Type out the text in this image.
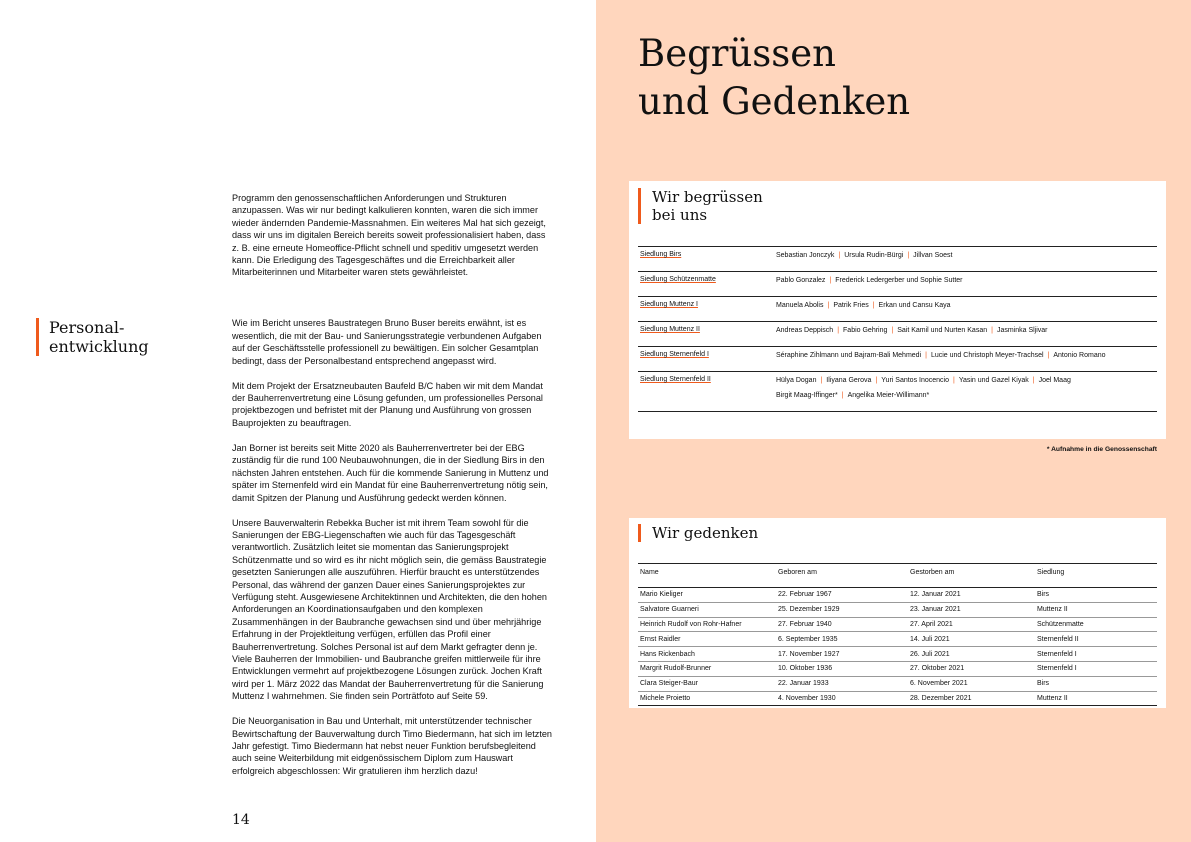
Personal-
entwicklung

Programm den genossenschaftlichen Anforderungen und Strukturen anzupassen. Was wir nur bedingt kalkulieren konnten, waren die sich immer wieder ändernden Pandemie-Massnahmen. Ein weiteres Mal hat sich gezeigt, dass wir uns im digitalen Bereich bereits soweit professionalisiert haben, dass z. B. eine erneute Homeoffice-Pflicht schnell und speditiv umgesetzt werden kann. Die Erledigung des Tagesgeschäftes und die Erreichbarkeit aller Mitarbeiterinnen und Mitarbeiter waren stets gewährleistet.

Wie im Bericht unseres Baustrategen Bruno Buser bereits erwähnt, ist es wesentlich, die mit der Bau- und Sanierungsstrategie verbundenen Aufgaben auf der Geschäftsstelle professionell zu bewältigen. Ein solcher Gesamtplan bedingt, dass der Personalbestand entsprechend angepasst wird.

Mit dem Projekt der Ersatzneubauten Baufeld B/C haben wir mit dem Mandat der Bauherrenvertretung eine Lösung gefunden, um professionelles Personal projektbezogen und befristet mit der Planung und Ausführung von grossen Bauprojekten zu beauftragen.

Jan Borner ist bereits seit Mitte 2020 als Bauherrenvertreter bei der EBG zuständig für die rund 100 Neubauwohnungen, die in der Siedlung Birs in den nächsten Jahren entstehen. Auch für die kommende Sanierung in Muttenz und später im Sternenfeld wird ein Mandat für eine Bauherrenvertretung nötig sein, damit Spitzen der Planung und Ausführung gedeckt werden können.

Unsere Bauverwalterin Rebekka Bucher ist mit ihrem Team sowohl für die Sanierungen der EBG-Liegenschaften wie auch für das Tagesgeschäft verantwortlich. Zusätzlich leitet sie momentan das Sanierungsprojekt Schützenmatte und so wird es ihr nicht möglich sein, die gemäss Baustrategie gesetzten Sanierungen alle auszuführen. Hierfür braucht es unterstützendes Personal, das während der ganzen Dauer eines Sanierungsprojektes zur Verfügung steht. Ausgewiesene Architektinnen und Architekten, die den hohen Anforderungen an Koordinationsaufgaben und den komplexen Zusammenhängen in der Baubranche gewachsen sind und über mehrjährige Erfahrung in der Projektleitung verfügen, erfüllen das Profil einer Bauherrenvertretung. Solches Personal ist auf dem Markt gefragter denn je. Viele Bauherren der Immobilien- und Baubranche greifen mittlerweile für ihre Entwicklungen vermehrt auf projektbezogene Lösungen zurück. Jochen Kraft wird per 1. März 2022 das Mandat der Bauherrenvertretung für die Sanierung Muttenz I wahrnehmen. Sie finden sein Porträtfoto auf Seite 59.

Die Neuorganisation in Bau und Unterhalt, mit unterstützender technischer Bewirtschaftung der Bauverwaltung durch Timo Biedermann, hat sich im letzten Jahr gefestigt. Timo Biedermann hat nebst neuer Funktion berufsbegleitend auch seine Weiterbildung mit eidgenössischem Diplom zum Hauswart erfolgreich abgeschlossen: Wir gratulieren ihm herzlich dazu!

14
Begrüssen
und Gedenken
Wir begrüssen
bei uns
Siedlung Birs	Sebastian Jonczyk | Ursula Rudin-Bürgi | Jillvan Soest
Siedlung Schützenmatte	Pablo Gonzalez | Frederick Ledergerber und Sophie Sutter
Siedlung Muttenz I	Manuela Abolis | Patrik Fries | Erkan und Cansu Kaya
Siedlung Muttenz II	Andreas Deppisch | Fabio Gehring | Sait Kamil und Nurten Kasan | Jasminka Sljivar
Siedlung Sternenfeld I	Séraphine Zihlmann und Bajram-Bali Mehmedi | Lucie und Christoph Meyer-Trachsel | Antonio Romano
Siedlung Sternenfeld II	Hülya Dogan | Iliyana Gerova | Yuri Santos Inocencio | Yasin und Gazel Kiyak | Joel Maag
Birgit Maag-Iffinger* | Angelika Meier-Willimann*
* Aufnahme in die Genossenschaft
Wir gedenken
Name	Geboren am	Gestorben am	Siedlung
Mario Kieliger	22. Februar 1967	12. Januar 2021	Birs
Salvatore Guarneri	25. Dezember 1929	23. Januar 2021	Muttenz II
Heinrich Rudolf von Rohr-Hafner	27. Februar 1940	27. April 2021	Schützenmatte
Ernst Raidler	6. September 1935	14. Juli 2021	Sternenfeld II
Hans Rickenbach	17. November 1927	26. Juli 2021	Sternenfeld I
Margrit Rudolf-Brunner	10. Oktober 1936	27. Oktober 2021	Sternenfeld I
Clara Steiger-Baur	22. Januar 1933	6. November 2021	Birs
Michele Proietto	4. November 1930	28. Dezember 2021	Muttenz II
